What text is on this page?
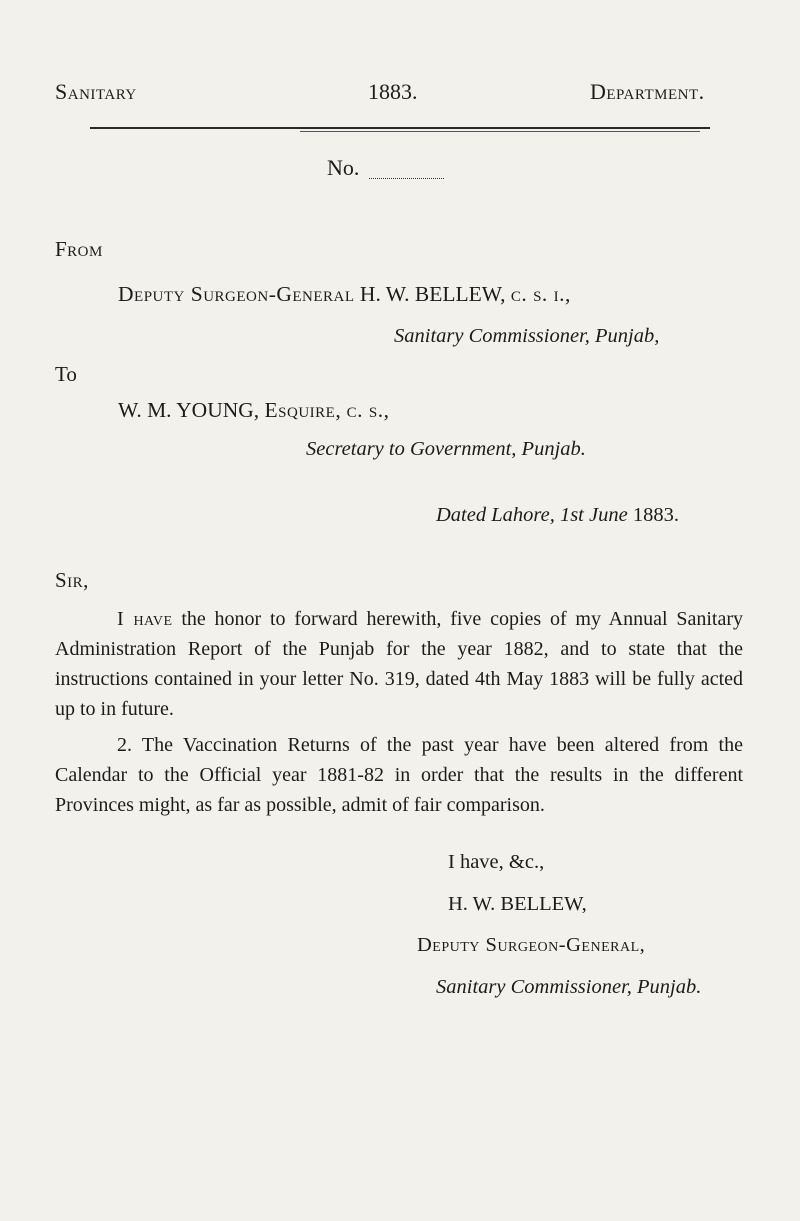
Sanitary	1883.	Department.
No.
From
Deputy Surgeon-General H. W. BELLEW, c. s. i.,
Sanitary Commissioner, Punjab,
To
W. M. YOUNG, Esquire, c. s.,
Secretary to Government, Punjab.
Dated Lahore, 1st June 1883.
Sir,
I have the honor to forward herewith, five copies of my Annual Sanitary Administration Report of the Punjab for the year 1882, and to state that the instructions contained in your letter No. 319, dated 4th May 1883 will be fully acted up to in future.
2. The Vaccination Returns of the past year have been altered from the Calendar to the Official year 1881-82 in order that the results in the different Provinces might, as far as possible, admit of fair comparison.
I have, &c.,
H. W. BELLEW,
Deputy Surgeon-General,
Sanitary Commissioner, Punjab.
